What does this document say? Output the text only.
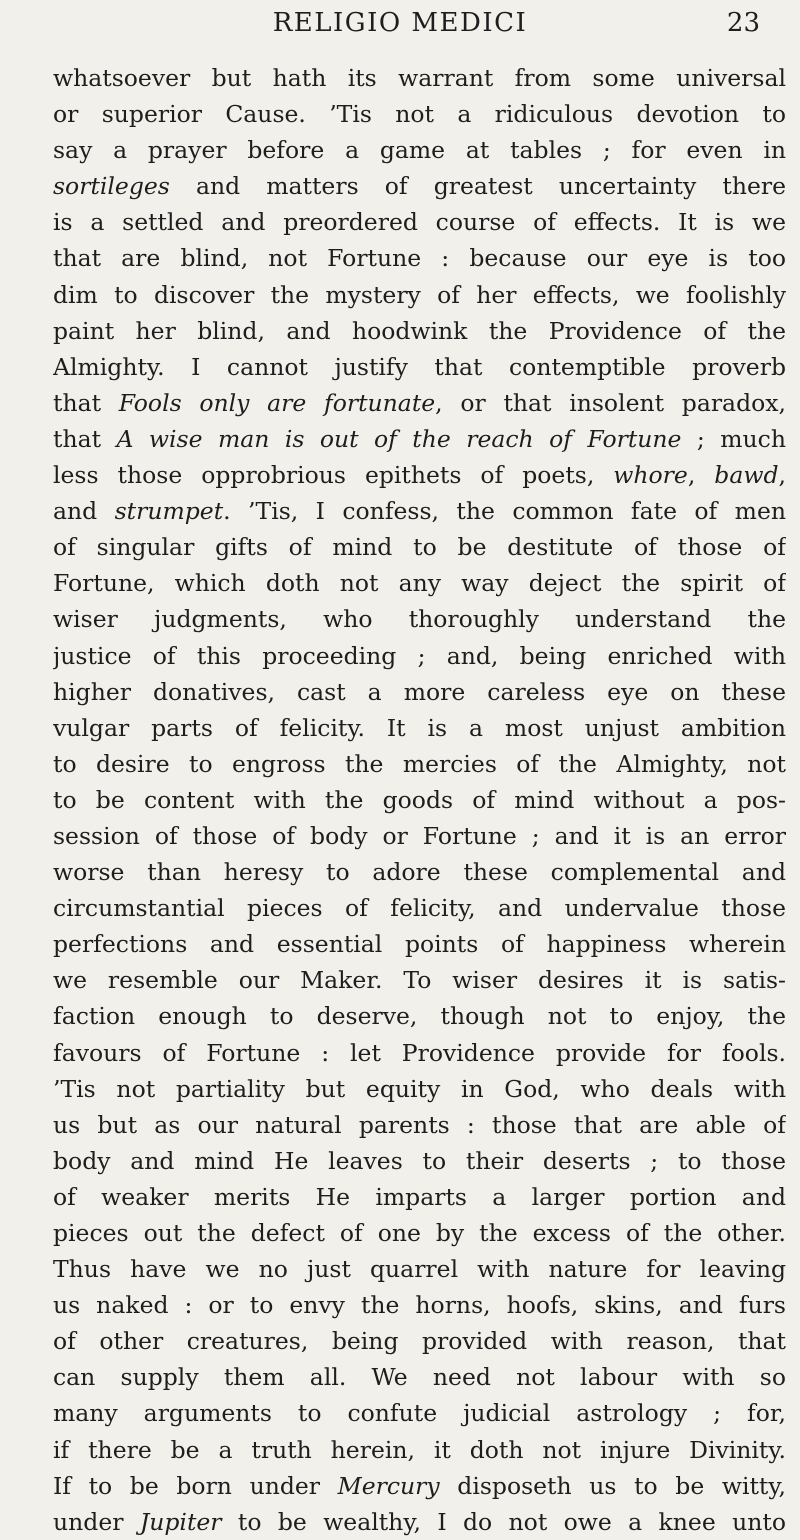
RELIGIO MEDICI	23
whatsoever but hath its warrant from some universal
or superior Cause. ’Tis not a ridiculous devotion to
say a prayer before a game at tables ; for even in
sortileges and matters of greatest uncertainty there
is a settled and preordered course of effects. It is we
that are blind, not Fortune : because our eye is too
dim to discover the mystery of her effects, we foolishly
paint her blind, and hoodwink the Providence of the
Almighty. I cannot justify that contemptible proverb
that Fools only are fortunate, or that insolent paradox,
that A wise man is out of the reach of Fortune ; much
less those opprobrious epithets of poets, whore, bawd,
and strumpet. ’Tis, I confess, the common fate of men
of singular gifts of mind to be destitute of those of
Fortune, which doth not any way deject the spirit of
wiser judgments, who thoroughly understand the
justice of this proceeding ; and, being enriched with
higher donatives, cast a more careless eye on these
vulgar parts of felicity. It is a most unjust ambition
to desire to engross the mercies of the Almighty, not
to be content with the goods of mind without a pos-
session of those of body or Fortune ; and it is an error
worse than heresy to adore these complemental and
circumstantial pieces of felicity, and undervalue those
perfections and essential points of happiness wherein
we resemble our Maker. To wiser desires it is satis-
faction enough to deserve, though not to enjoy, the
favours of Fortune : let Providence provide for fools.
’Tis not partiality but equity in God, who deals with
us but as our natural parents : those that are able of
body and mind He leaves to their deserts ; to those
of weaker merits He imparts a larger portion and
pieces out the defect of one by the excess of the other.
Thus have we no just quarrel with nature for leaving
us naked : or to envy the horns, hoofs, skins, and furs
of other creatures, being provided with reason, that
can supply them all. We need not labour with so
many arguments to confute judicial astrology ; for,
if there be a truth herein, it doth not injure Divinity.
If to be born under Mercury disposeth us to be witty,
under Jupiter to be wealthy, I do not owe a knee unto
